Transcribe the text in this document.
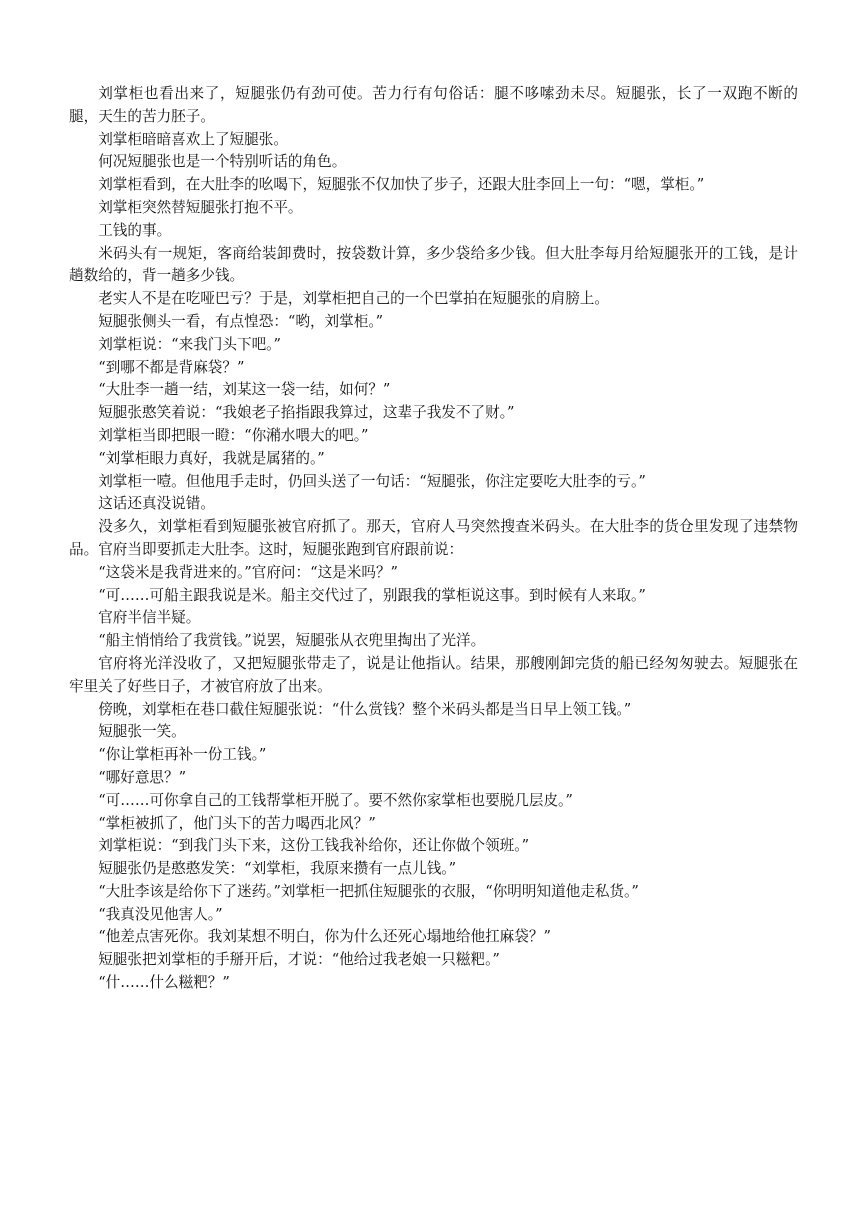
刘掌柜也看出来了，短腿张仍有劲可使。苦力行有句俗话：腿不哆嗦劲未尽。短腿张，长了一双跑不断的腿，天生的苦力胚子。

刘掌柜暗暗喜欢上了短腿张。

何况短腿张也是一个特别听话的角色。

刘掌柜看到，在大肚李的吆喝下，短腿张不仅加快了步子，还跟大肚李回上一句：“嗯，掌柜。”

刘掌柜突然替短腿张打抱不平。

工钱的事。

米码头有一规矩，客商给装卸费时，按袋数计算，多少袋给多少钱。但大肚李每月给短腿张开的工钱，是计趟数给的，背一趟多少钱。

老实人不是在吃哑巴亏？于是，刘掌柜把自己的一个巴掌拍在短腿张的肩膀上。

短腿张侧头一看，有点惶恐：“哟，刘掌柜。”

刘掌柜说：“来我门头下吧。”

“到哪不都是背麻袋？”

“大肚李一趟一结，刘某这一袋一结，如何？”

短腿张憨笑着说：“我娘老子掐指跟我算过，这辈子我发不了财。”

刘掌柜当即把眼一瞪：“你潲水喂大的吧。”

“刘掌柜眼力真好，我就是属猪的。”

刘掌柜一噎。但他甩手走时，仍回头送了一句话：“短腿张，你注定要吃大肚李的亏。”

这话还真没说错。

没多久，刘掌柜看到短腿张被官府抓了。那天，官府人马突然搜查米码头。在大肚李的货仓里发现了违禁物品。官府当即要抓走大肚李。这时，短腿张跑到官府跟前说：

“这袋米是我背进来的。”官府问：“这是米吗？”

“可……可船主跟我说是米。船主交代过了，别跟我的掌柜说这事。到时候有人来取。”

官府半信半疑。

“船主悄悄给了我赏钱。”说罢，短腿张从衣兜里掏出了光洋。

官府将光洋没收了，又把短腿张带走了，说是让他指认。结果，那艘刚卸完货的船已经匆匆驶去。短腿张在牢里关了好些日子，才被官府放了出来。

傍晚，刘掌柜在巷口截住短腿张说：“什么赏钱？整个米码头都是当日早上领工钱。”

短腿张一笑。

“你让掌柜再补一份工钱。”

“哪好意思？”

“可……可你拿自己的工钱帮掌柜开脱了。要不然你家掌柜也要脱几层皮。”

“掌柜被抓了，他门头下的苦力喝西北风？”

刘掌柜说：“到我门头下来，这份工钱我补给你，还让你做个领班。”

短腿张仍是憨憨发笑：“刘掌柜，我原来攒有一点儿钱。”

“大肚李该是给你下了迷药。”刘掌柜一把抓住短腿张的衣服，“你明明知道他走私货。”

“我真没见他害人。”

“他差点害死你。我刘某想不明白，你为什么还死心塌地给他扛麻袋？”

短腿张把刘掌柜的手掰开后，才说：“他给过我老娘一只糍粑。”

“什……什么糍粑？”
